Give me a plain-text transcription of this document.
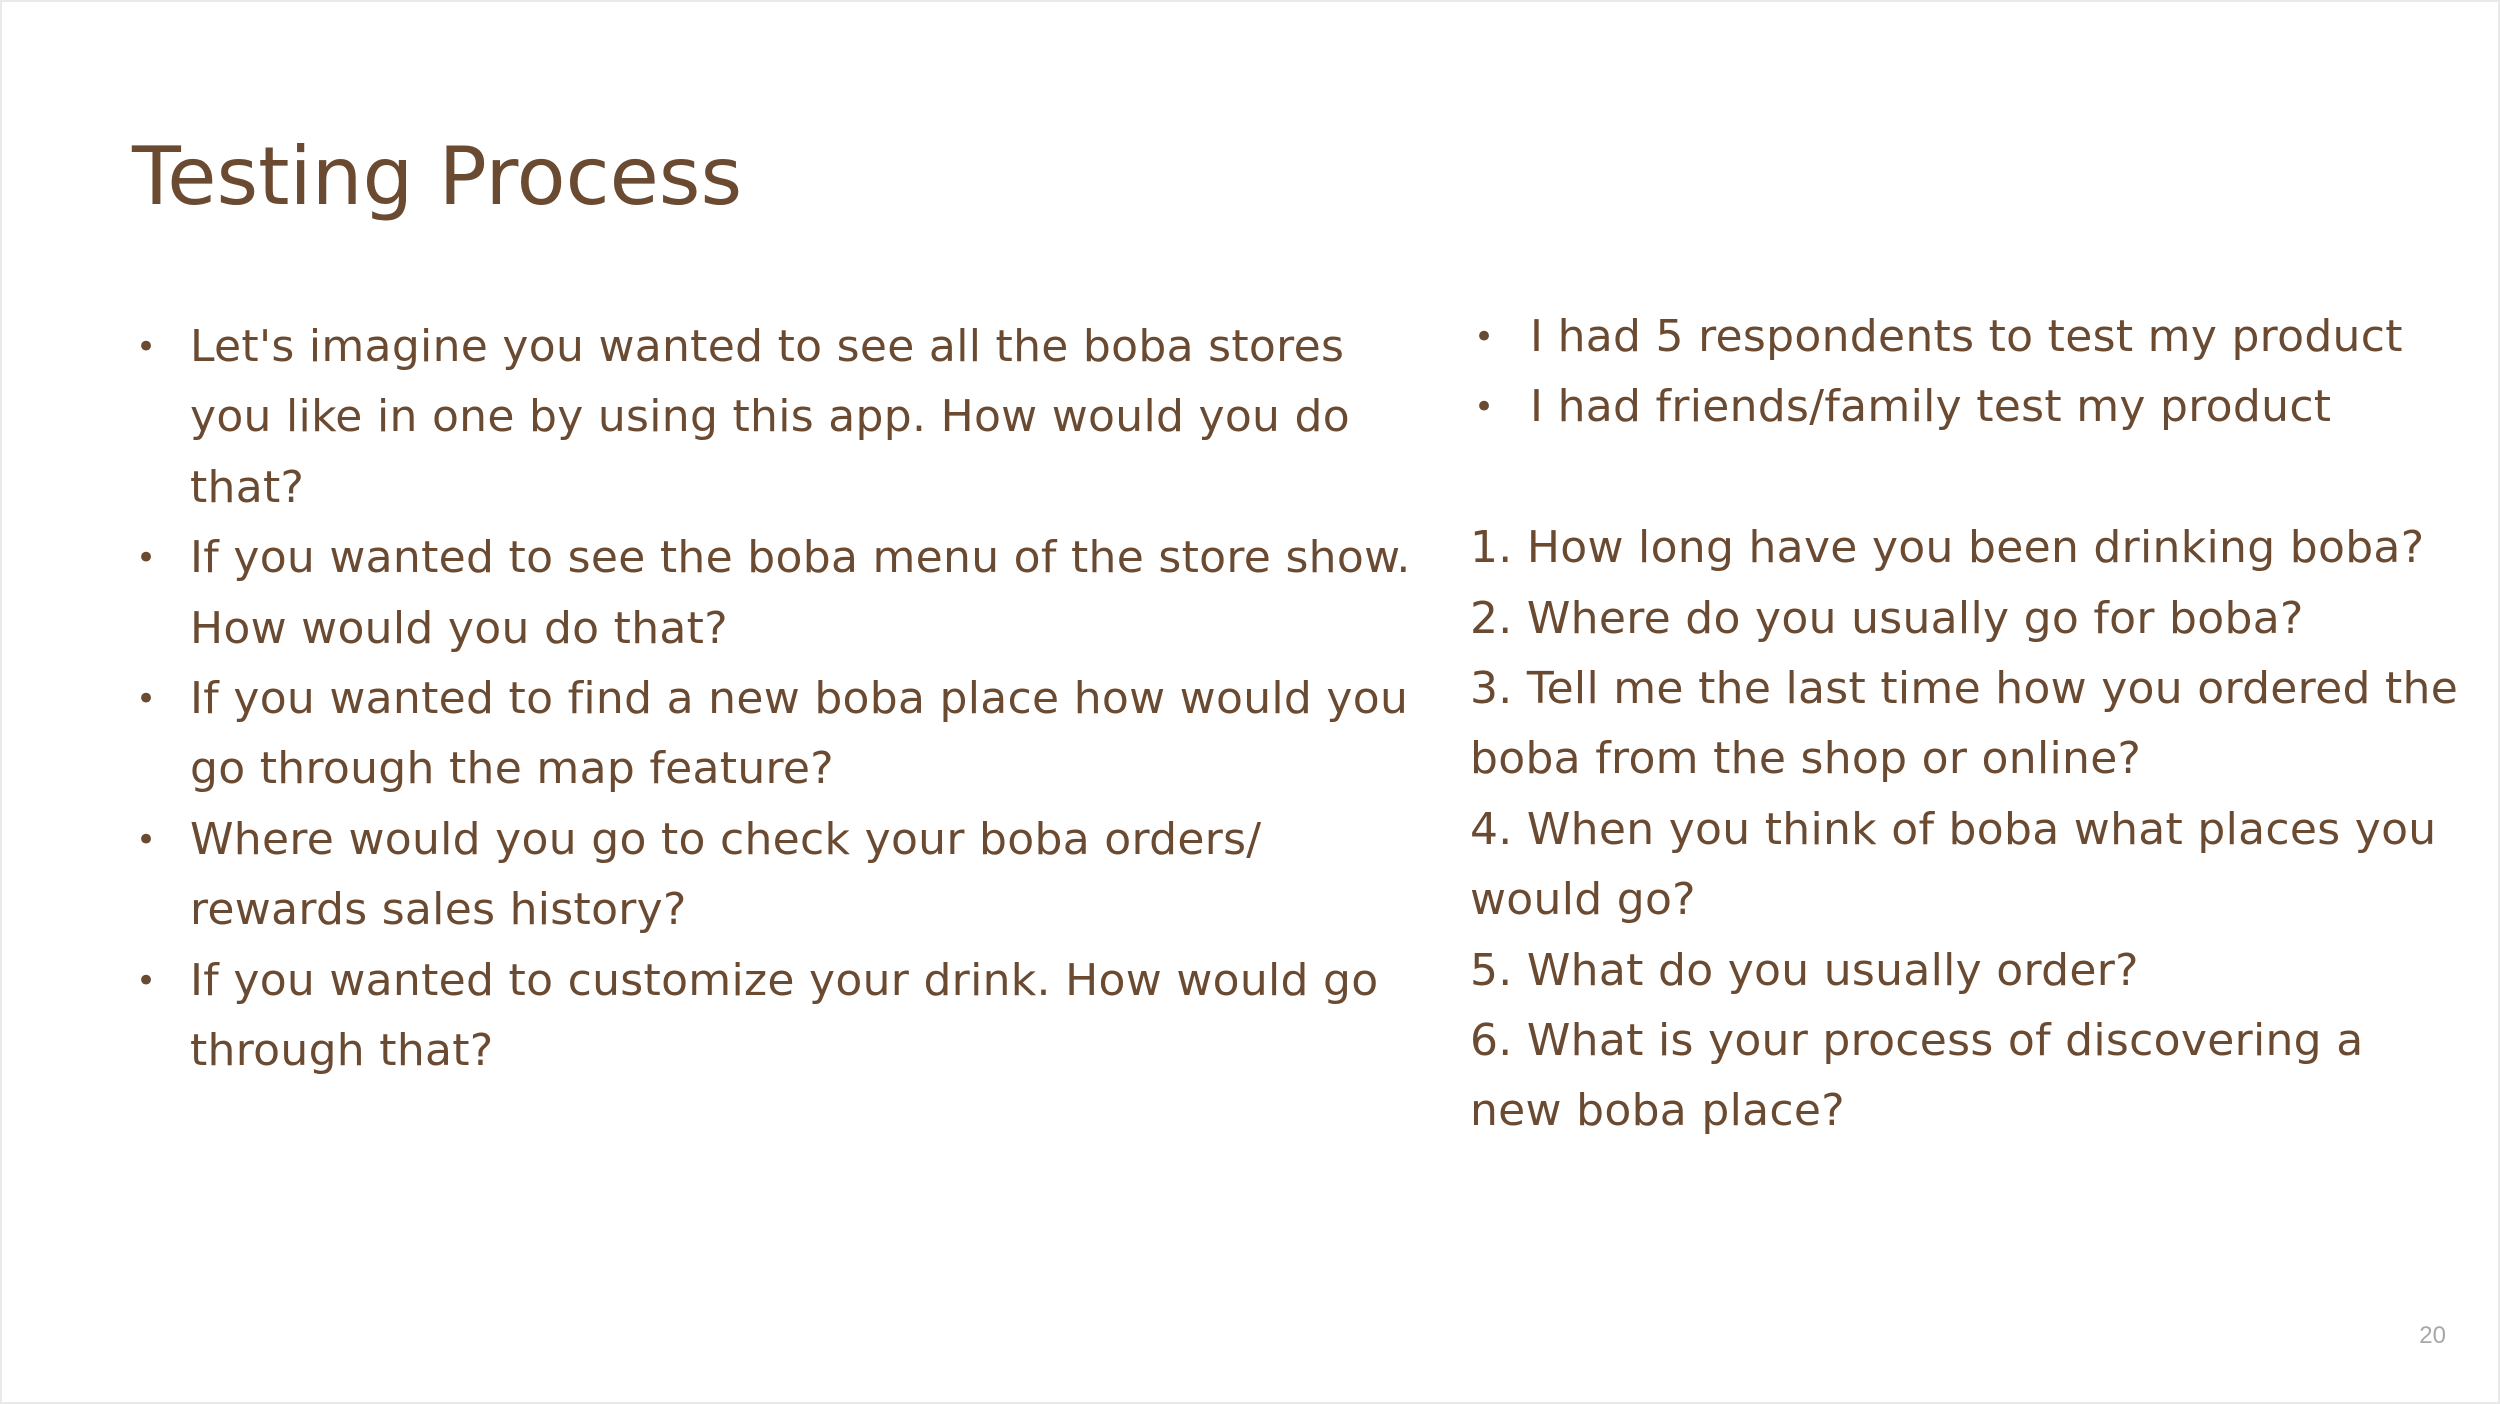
Testing Process
• Let's imagine you wanted to see all the boba stores you like in one by using this app. How would you do that?
• If you wanted to see the boba menu of the store show. How would you do that?
• If you wanted to find a new boba place how would you go through the map feature?
• Where would you go to check your boba orders/ rewards sales history?
• If you wanted to customize your drink. How would go through that?
• I had 5 respondents to test my product
• I had friends/family test my product
1. How long have you been drinking boba?
2. Where do you usually go for boba?
3. Tell me the last time how you ordered the boba from the shop or online?
4. When you think of boba what places you would go?
5. What do you usually order?
6. What is your process of discovering a new boba place?
20
